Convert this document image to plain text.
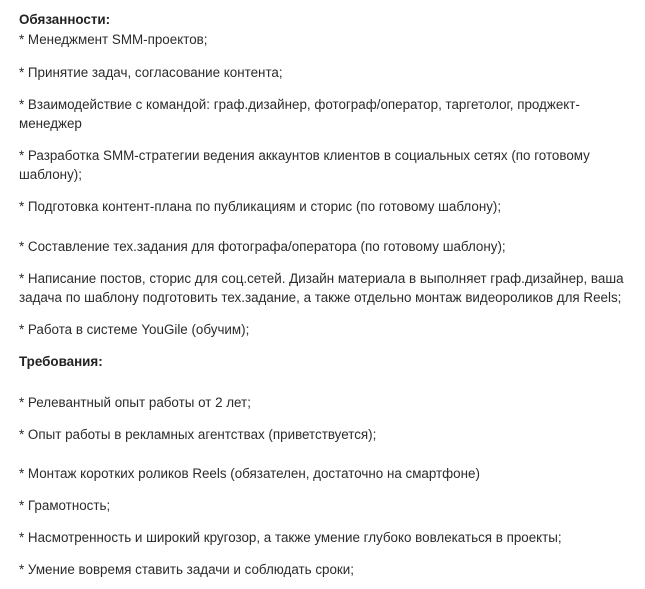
Обязанности:
* Менеджмент SMM-проектов;
* Принятие задач, согласование контента;
* Взаимодействие с командой: граф.дизайнер, фотограф/оператор, таргетолог, проджект-
менеджер
* Разработка SMM-стратегии ведения аккаунтов клиентов в социальных сетях (по готовому
шаблону);
* Подготовка контент-плана по публикациям и сторис (по готовому шаблону);
* Составление тех.задания для фотографа/оператора (по готовому шаблону);
* Написание постов, сторис для соц.сетей. Дизайн материала в выполняет граф.дизайнер, ваша
задача по шаблону подготовить тех.задание, а также отдельно монтаж видеороликов для Reels;
* Работа в системе YouGile (обучим);
Требования:
* Релевантный опыт работы от 2 лет;
* Опыт работы в рекламных агентствах (приветствуется);
* Монтаж коротких роликов Reels (обязателен, достаточно на смартфоне)
* Грамотность;
* Насмотренность и широкий кругозор, а также умение глубоко вовлекаться в проекты;
* Умение вовремя ставить задачи и соблюдать сроки;
